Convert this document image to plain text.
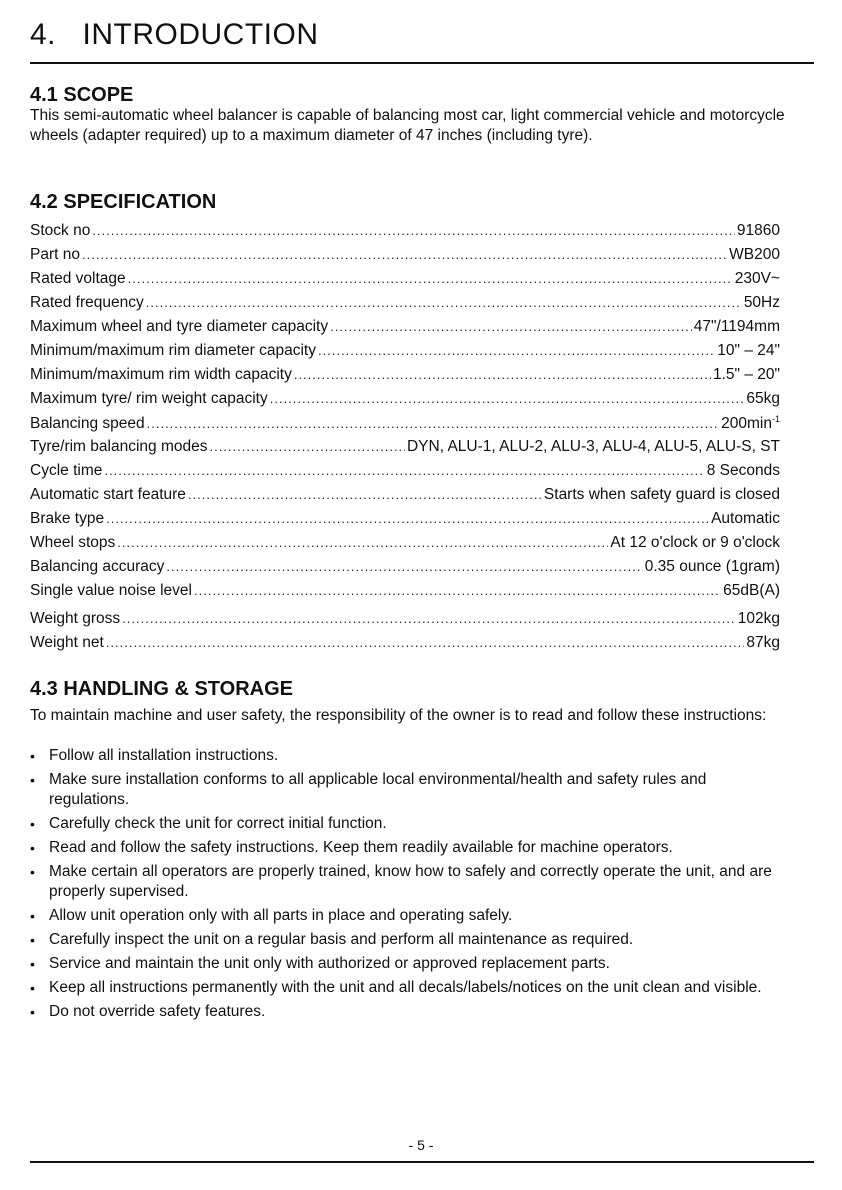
4.   INTRODUCTION
4.1 SCOPE
This semi-automatic wheel balancer is capable of balancing most car, light commercial vehicle and motorcycle wheels (adapter required) up to a maximum diameter of 47 inches (including tyre).
4.2 SPECIFICATION
Stock no .....	91860
Part no .....	WB200
Rated voltage .....	230V~
Rated frequency .....	50Hz
Maximum wheel and tyre diameter capacity .....	47"/1194mm
Minimum/maximum rim diameter capacity .....	10" – 24"
Minimum/maximum rim width capacity .....	1.5" – 20"
Maximum tyre/ rim weight capacity .....	65kg
Balancing speed .....	$200\min^{-1}$
Tyre/rim balancing modes .....	DYN, ALU-1, ALU-2, ALU-3, ALU-4, ALU-5, ALU-S, ST
Cycle time .....	8 Seconds
Automatic start feature .....	Starts when safety guard is closed
Brake type .....	Automatic
Wheel stops .....	At 12 o'clock or 9 o'clock
Balancing accuracy .....	0.35 ounce (1gram)
Single value noise level .....	65dB(A)
Weight gross .....	102kg
Weight net .....	87kg
4.3 HANDLING & STORAGE
To maintain machine and user safety, the responsibility of the owner is to read and follow these instructions:
• Follow all installation instructions.
• Make sure installation conforms to all applicable local environmental/health and safety rules and regulations.
• Carefully check the unit for correct initial function.
• Read and follow the safety instructions. Keep them readily available for machine operators.
• Make certain all operators are properly trained, know how to safely and correctly operate the unit, and are properly supervised.
• Allow unit operation only with all parts in place and operating safely.
• Carefully inspect the unit on a regular basis and perform all maintenance as required.
• Service and maintain the unit only with authorized or approved replacement parts.
• Keep all instructions permanently with the unit and all decals/labels/notices on the unit clean and visible.
• Do not override safety features.
- 5 -
